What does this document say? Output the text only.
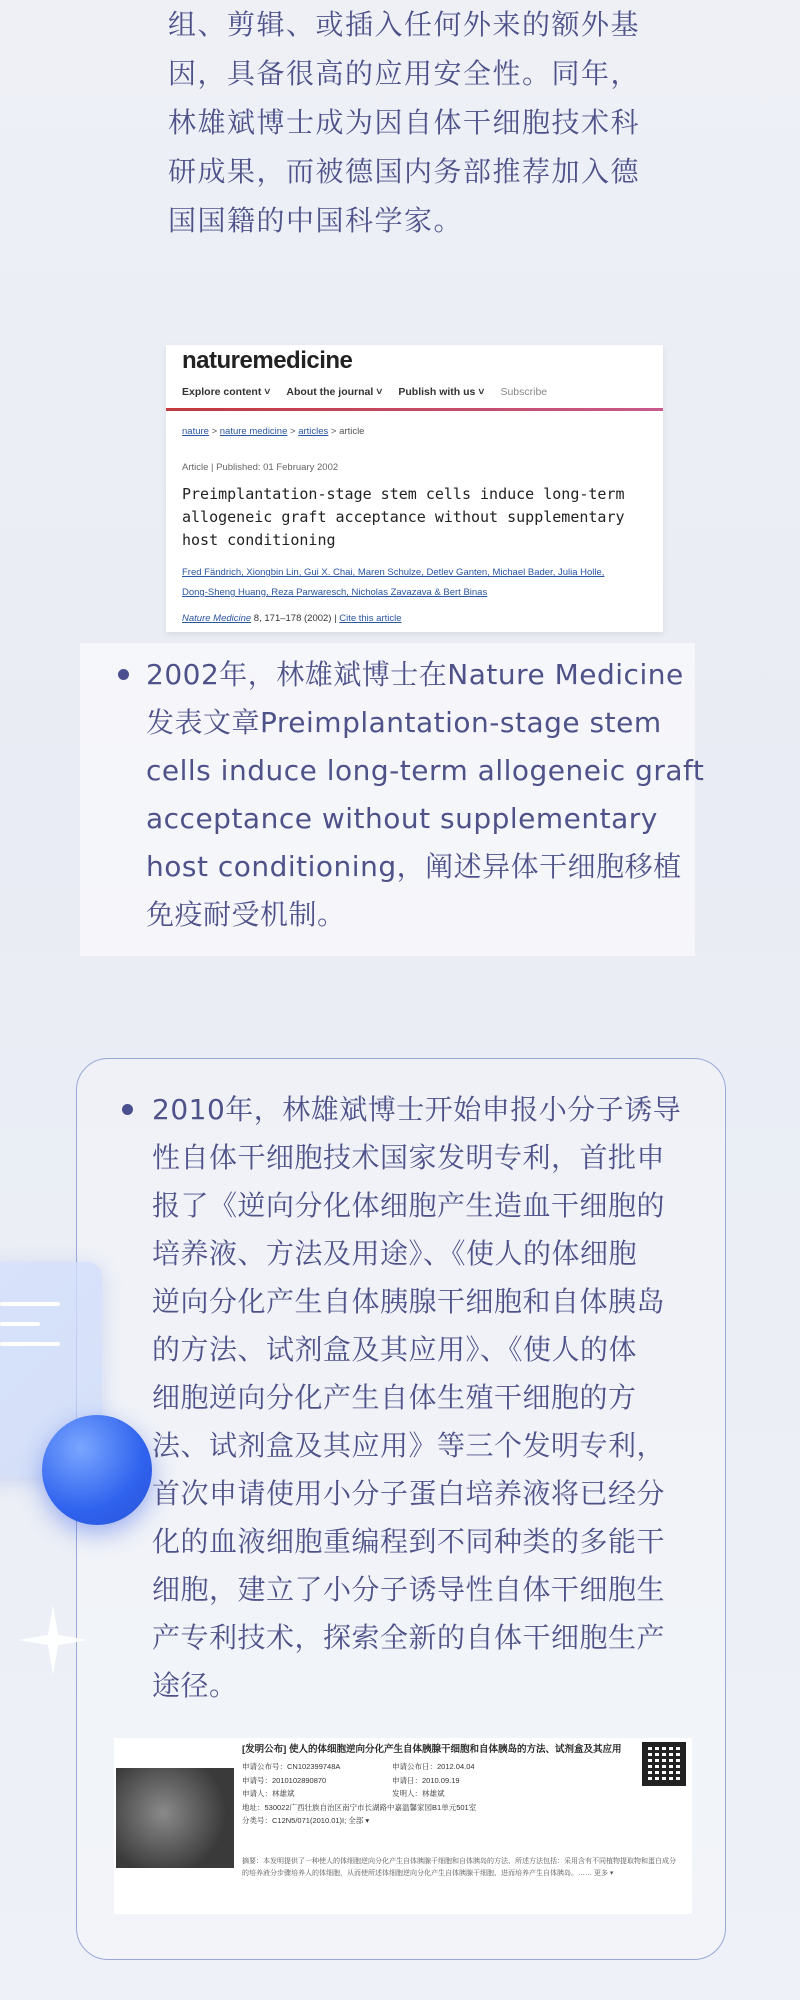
组、剪辑、或插入任何外来的额外基

因，具备很高的应用安全性。同年，

林雄斌博士成为因自体干细胞技术科

研成果，而被德国内务部推荐加入德

国国籍的中国科学家。

naturemedicine
Explore content ˅ About the journal ˅ Publish with us ˅ Subscribe
nature > nature medicine > articles > article
Article | Published: 01 February 2002
Preimplantation-stage stem cells induce long-term
allogeneic graft acceptance without supplementary
host conditioning
Fred Fändrich, Xiongbin Lin, Gui X. Chai, Maren Schulze, Detlev Ganten, Michael Bader, Julia Holle,
Dong-Sheng Huang, Reza Parwaresch, Nicholas Zavazava & Bert Binas
Nature Medicine 8, 171–178 (2002) | Cite this article
2002年，林雄斌博士在Nature Medicine
发表文章Preimplantation-stage stem
cells induce long-term allogeneic graft
acceptance without supplementary
host conditioning，阐述异体干细胞移植
免疫耐受机制。
2010年，林雄斌博士开始申报小分子诱导
性自体干细胞技术国家发明专利，首批申
报了《逆向分化体细胞产生造血干细胞的
培养液、方法及用途》、《使人的体细胞
逆向分化产生自体胰腺干细胞和自体胰岛
的方法、试剂盒及其应用》、《使人的体
细胞逆向分化产生自体生殖干细胞的方
法、试剂盒及其应用》等三个发明专利，
首次申请使用小分子蛋白培养液将已经分
化的血液细胞重编程到不同种类的多能干
细胞，建立了小分子诱导性自体干细胞生
产专利技术，探索全新的自体干细胞生产
途径。
[发明公布] 使人的体细胞逆向分化产生自体胰腺干细胞和自体胰岛的方法、试剂盒及其应用
申请公布号：CN102399748A	申请公布日：2012.04.04
申请号：2010102890870	申请日：2010.09.19
申请人：林雄斌	发明人：林雄斌
地址：530022广西壮族自治区南宁市长湖路中嘉温馨家园B1单元501室
分类号：C12N5/071(2010.01)I; 全部 ▾
摘要：本发明提供了一种使人的体细胞逆向分化产生自体胰腺干细胞和自体胰岛的方法、所述方法包括：采用含有不同植物提取物和蛋白成分的培养液分步骤培养人的体细胞，从而使所述体细胞逆向分化产生自体胰腺干细胞、进而培养产生自体胰岛。…… 更多 ▾
